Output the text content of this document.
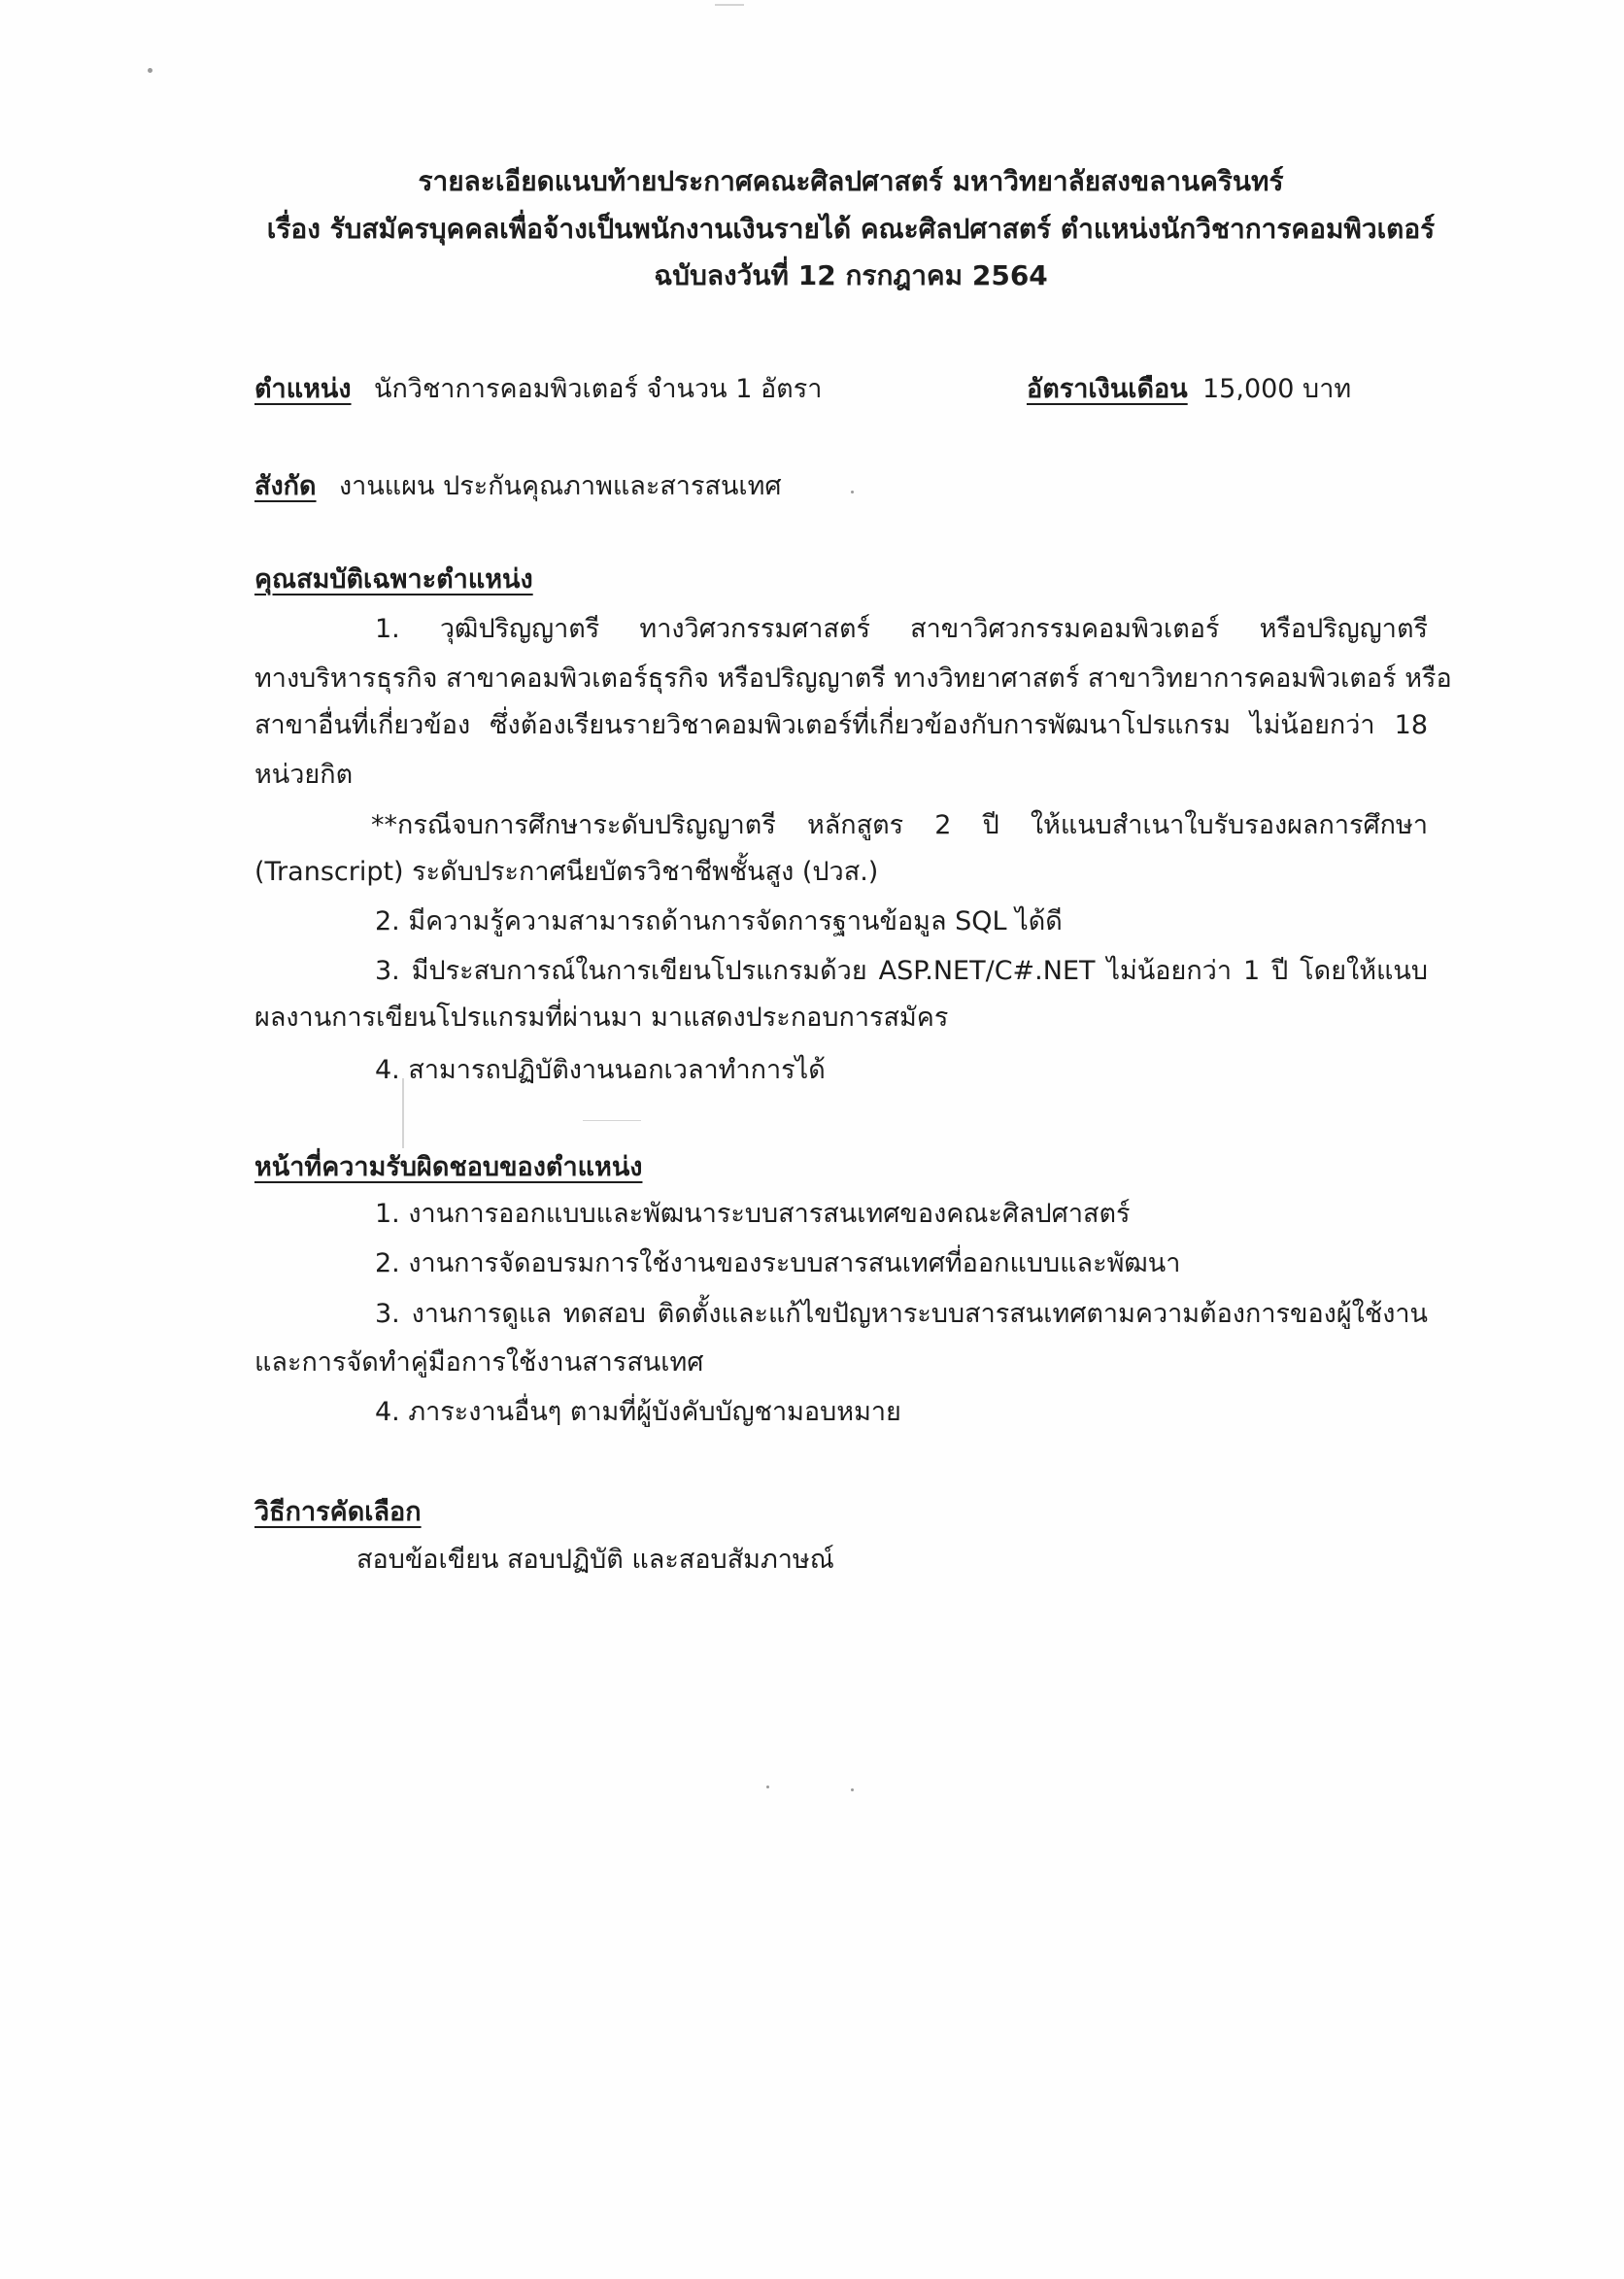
รายละเอียดแนบท้ายประกาศคณะศิลปศาสตร์ มหาวิทยาลัยสงขลานครินทร์
เรื่อง รับสมัครบุคคลเพื่อจ้างเป็นพนักงานเงินรายได้ คณะศิลปศาสตร์ ตำแหน่งนักวิชาการคอมพิวเตอร์
ฉบับลงวันที่ 12 กรกฎาคม 2564
ตำแหน่ง นักวิชาการคอมพิวเตอร์ จำนวน 1 อัตรา	อัตราเงินเดือน 15,000 บาท
สังกัด งานแผน ประกันคุณภาพและสารสนเทศ
คุณสมบัติเฉพาะตำแหน่ง
1. วุฒิปริญญาตรี ทางวิศวกรรมศาสตร์ สาขาวิศวกรรมคอมพิวเตอร์ หรือปริญญาตรี
ทางบริหารธุรกิจ สาขาคอมพิวเตอร์ธุรกิจ หรือปริญญาตรี ทางวิทยาศาสตร์ สาขาวิทยาการคอมพิวเตอร์ หรือ
สาขาอื่นที่เกี่ยวข้อง ซึ่งต้องเรียนรายวิชาคอมพิวเตอร์ที่เกี่ยวข้องกับการพัฒนาโปรแกรม ไม่น้อยกว่า 18
หน่วยกิต
**กรณีจบการศึกษาระดับปริญญาตรี หลักสูตร 2 ปี ให้แนบสำเนาใบรับรองผลการศึกษา
(Transcript) ระดับประกาศนียบัตรวิชาชีพชั้นสูง (ปวส.)
2. มีความรู้ความสามารถด้านการจัดการฐานข้อมูล SQL ได้ดี
3. มีประสบการณ์ในการเขียนโปรแกรมด้วย ASP.NET/C#.NET ไม่น้อยกว่า 1 ปี โดยให้แนบ
ผลงานการเขียนโปรแกรมที่ผ่านมา มาแสดงประกอบการสมัคร
4. สามารถปฏิบัติงานนอกเวลาทำการได้
หน้าที่ความรับผิดชอบของตำแหน่ง
1. งานการออกแบบและพัฒนาระบบสารสนเทศของคณะศิลปศาสตร์
2. งานการจัดอบรมการใช้งานของระบบสารสนเทศที่ออกแบบและพัฒนา
3. งานการดูแล ทดสอบ ติดตั้งและแก้ไขปัญหาระบบสารสนเทศตามความต้องการของผู้ใช้งาน
และการจัดทำคู่มือการใช้งานสารสนเทศ
4. ภาระงานอื่นๆ ตามที่ผู้บังคับบัญชามอบหมาย
วิธีการคัดเลือก
สอบข้อเขียน สอบปฏิบัติ และสอบสัมภาษณ์
